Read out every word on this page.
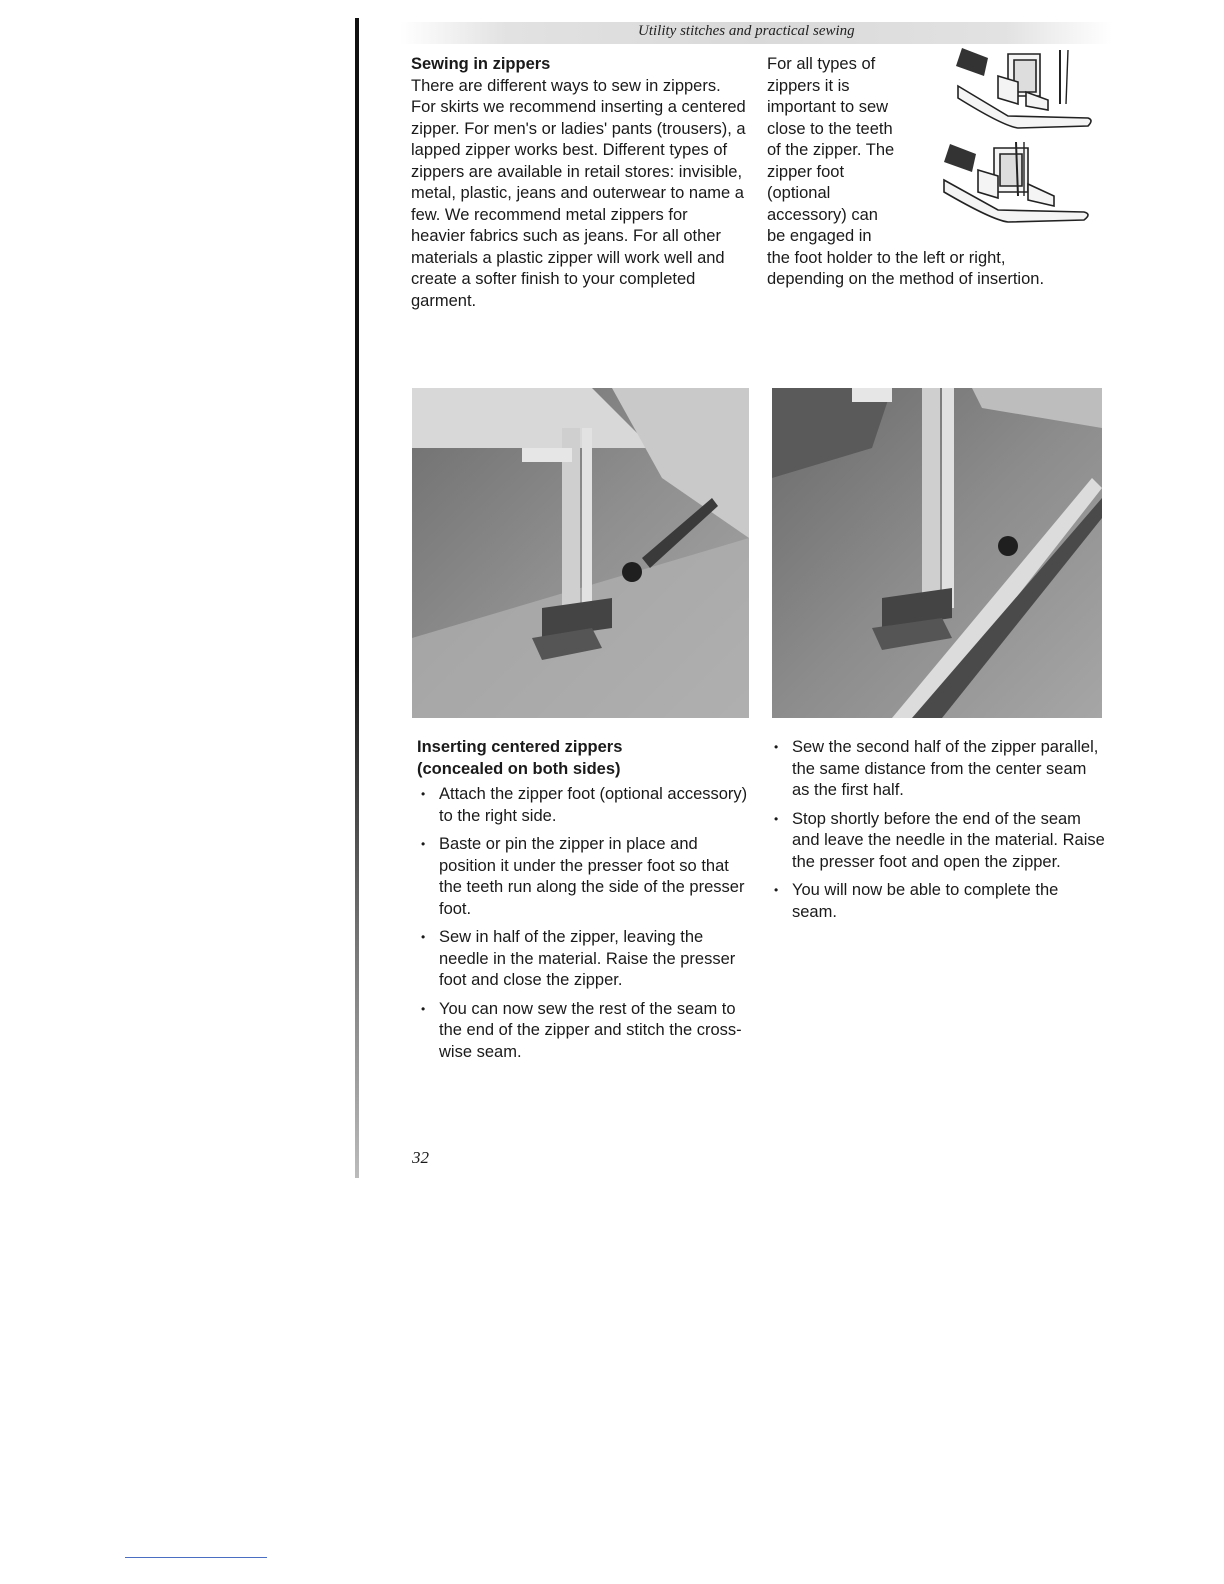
Utility stitches and practical sewing
Sewing in zippers

There are different ways to sew in zippers. For skirts we recommend inserting a centered zipper. For men's or ladies' pants (trousers), a lapped zipper works best. Different types of zippers are available in retail stores: invisible, metal, plastic, jeans and outerwear to name a few. We recommend metal zippers for heavier fabrics such as jeans. For all other materials a plastic zipper will work well and create a softer finish to your completed garment.

For all types of zippers it is important to sew close to the teeth of the zipper. The zipper foot (optional accessory) can be engaged in the foot holder to the left or right, depending on the method of insertion.

Inserting centered zippers
(concealed on both sides)
• Attach the zipper foot (optional accessory) to the right side.
• Baste or pin the zipper in place and position it under the presser foot so that the teeth run along the side of the presser foot.
• Sew in half of the zipper, leaving the needle in the material. Raise the presser foot and close the zipper.
• You can now sew the rest of the seam to the end of the zipper and stitch the cross-wise seam.
• Sew the second half of the zipper parallel, the same distance from the center seam as the first half.
• Stop shortly before the end of the seam and leave the needle in the material. Raise the presser foot and open the zipper.
• You will now be able to complete the seam.
32
